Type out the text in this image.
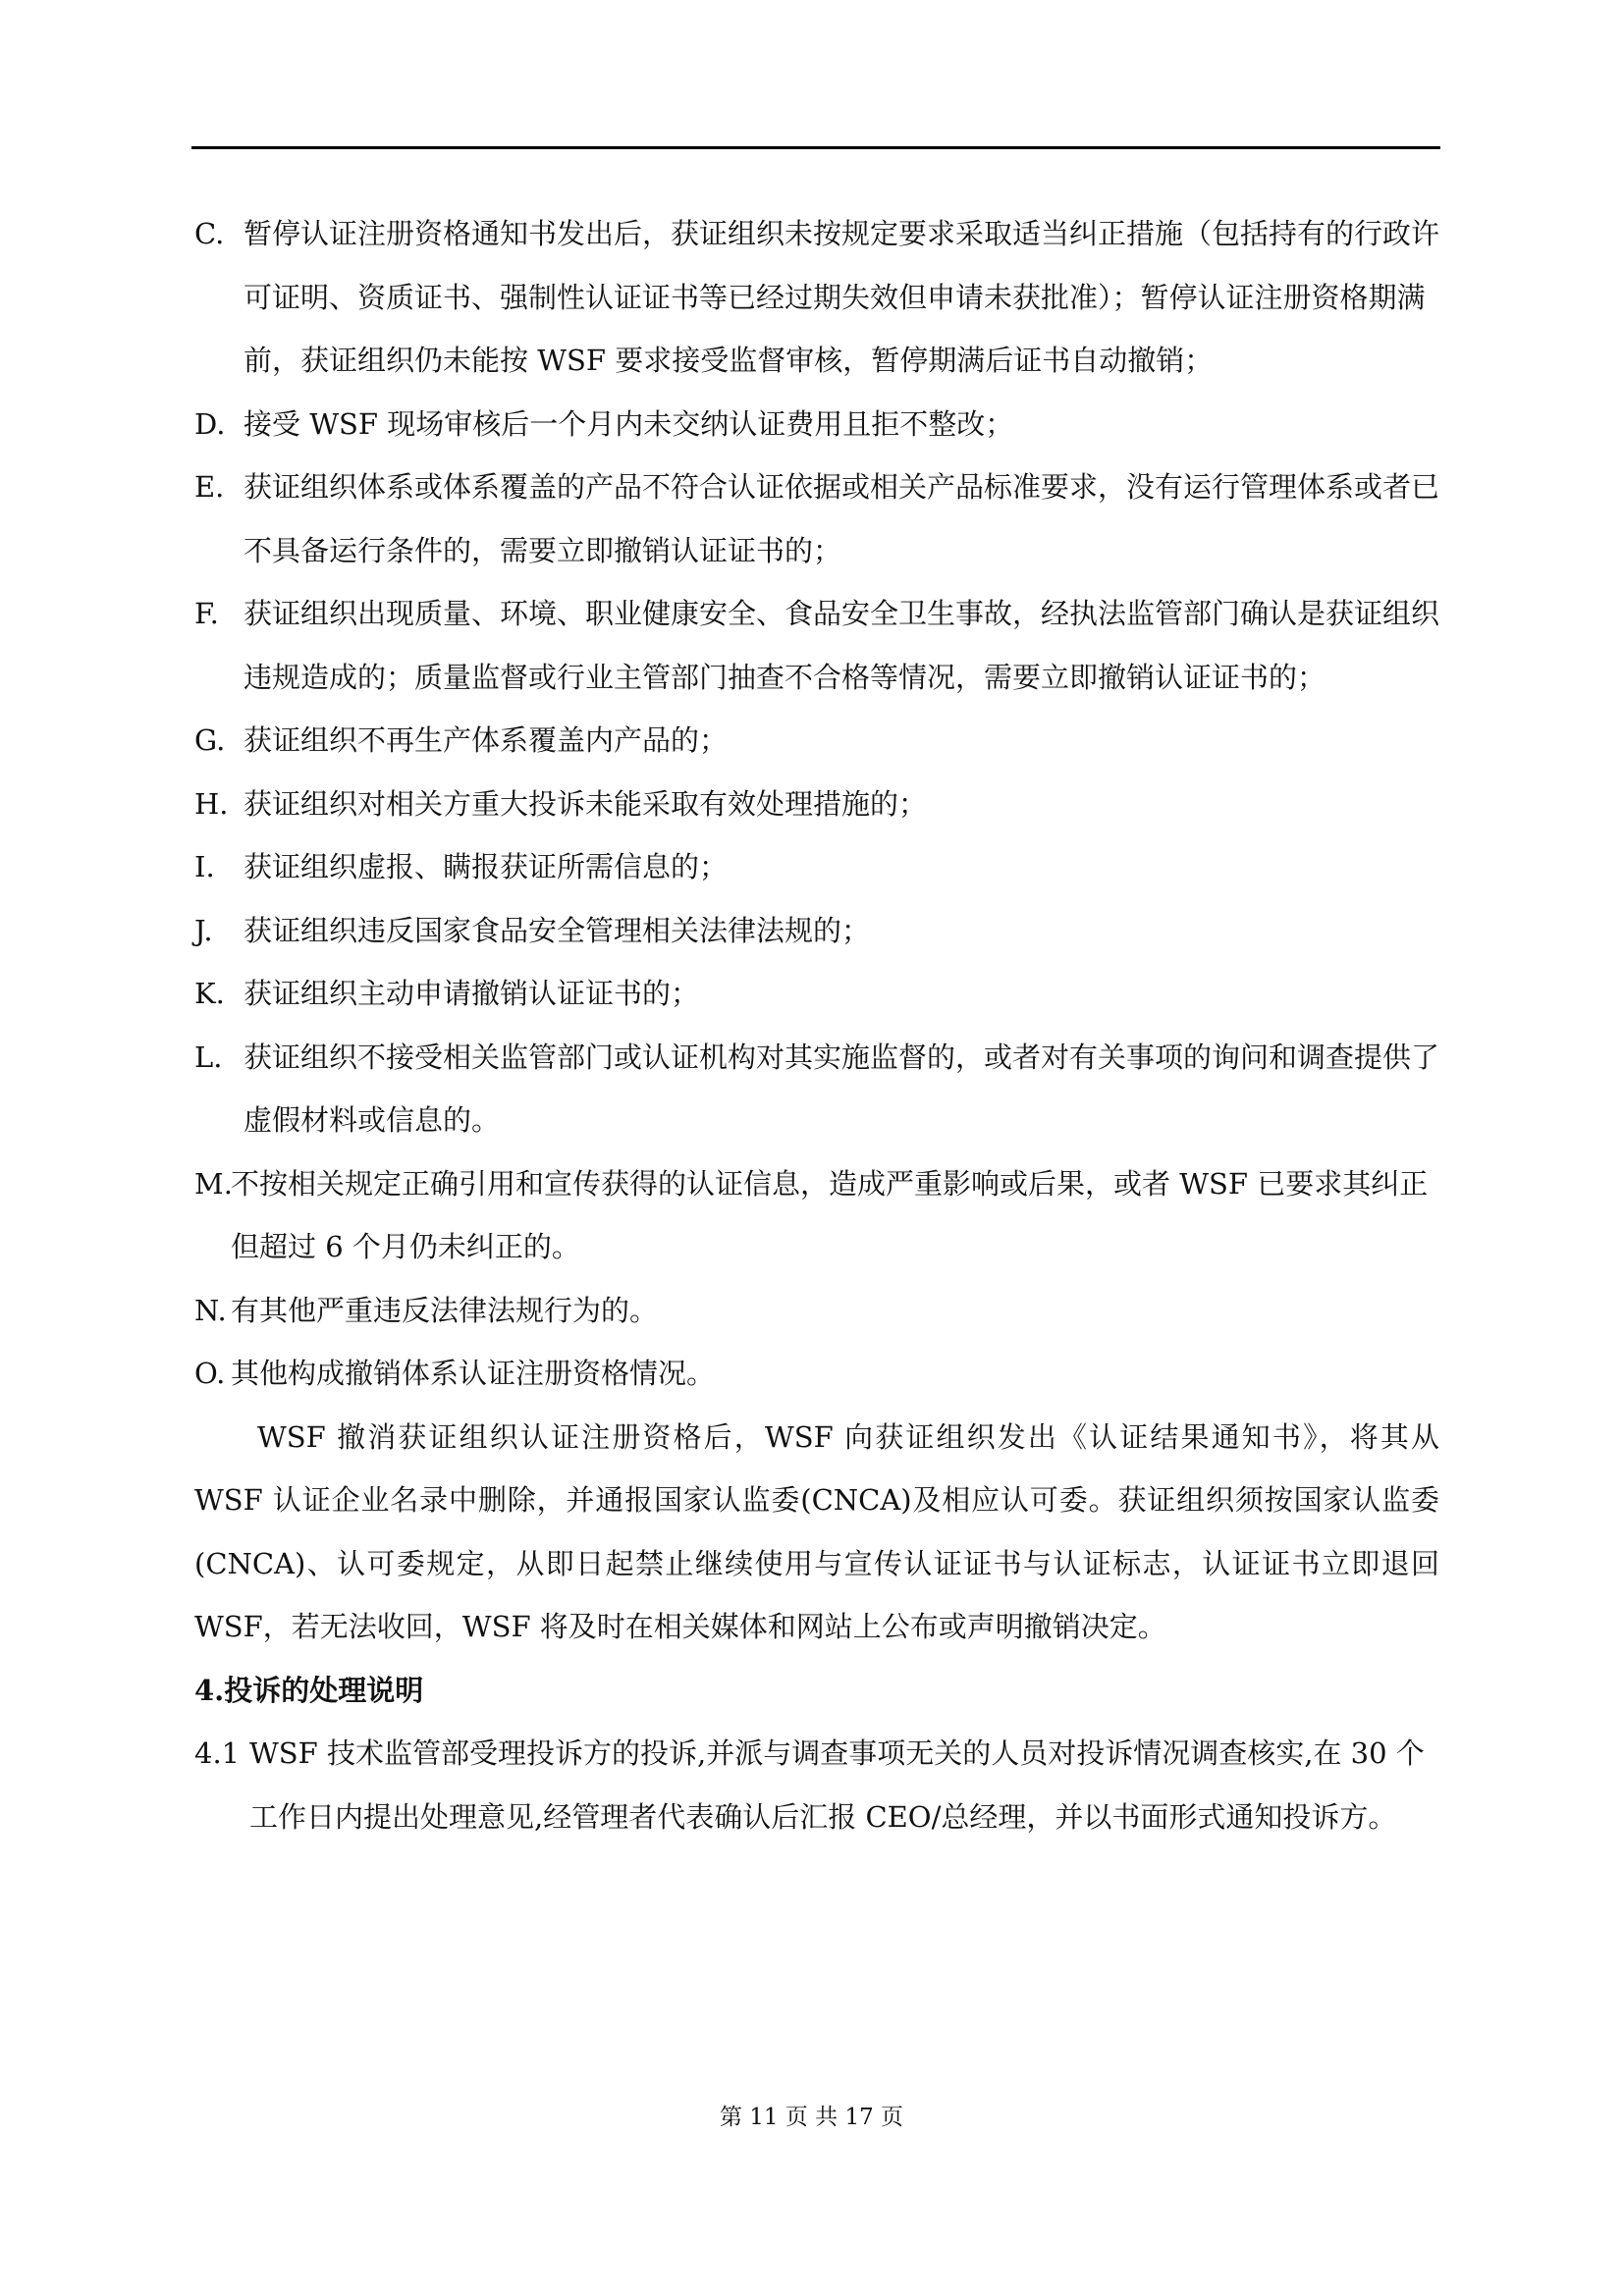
C. 暂停认证注册资格通知书发出后，获证组织未按规定要求采取适当纠正措施（包括持有的行政许可证明、资质证书、强制性认证证书等已经过期失效但申请未获批准）；暂停认证注册资格期满前，获证组织仍未能按 WSF 要求接受监督审核，暂停期满后证书自动撤销；
D. 接受 WSF 现场审核后一个月内未交纳认证费用且拒不整改；
E. 获证组织体系或体系覆盖的产品不符合认证依据或相关产品标准要求，没有运行管理体系或者已不具备运行条件的，需要立即撤销认证证书的；
F. 获证组织出现质量、环境、职业健康安全、食品安全卫生事故，经执法监管部门确认是获证组织违规造成的；质量监督或行业主管部门抽查不合格等情况，需要立即撤销认证证书的；
G. 获证组织不再生产体系覆盖内产品的；
H. 获证组织对相关方重大投诉未能采取有效处理措施的；
I. 获证组织虚报、瞒报获证所需信息的；
J. 获证组织违反国家食品安全管理相关法律法规的；
K. 获证组织主动申请撤销认证证书的；
L. 获证组织不接受相关监管部门或认证机构对其实施监督的，或者对有关事项的询问和调查提供了虚假材料或信息的。
M.
不按相关规定正确引用和宣传获得的认证信息，造成严重影响或后果，或者 WSF 已要求其纠正但超过 6 个月仍未纠正的。
N. 有其他严重违反法律法规行为的。
O. 其他构成撤销体系认证注册资格情况。
WSF 撤消获证组织认证注册资格后，WSF 向获证组织发出《认证结果通知书》，将其从 WSF 认证企业名录中删除，并通报国家认监委(CNCA)及相应认可委。获证组织须按国家认监委(CNCA)、认可委规定，从即日起禁止继续使用与宣传认证证书与认证标志，认证证书立即退回 WSF，若无法收回，WSF 将及时在相关媒体和网站上公布或声明撤销决定。
4.投诉的处理说明
4.1 WSF 技术监管部受理投诉方的投诉,并派与调查事项无关的人员对投诉情况调查核实,在 30 个工作日内提出处理意见,经管理者代表确认后汇报 CEO/总经理，并以书面形式通知投诉方。
第 11 页 共 17 页
